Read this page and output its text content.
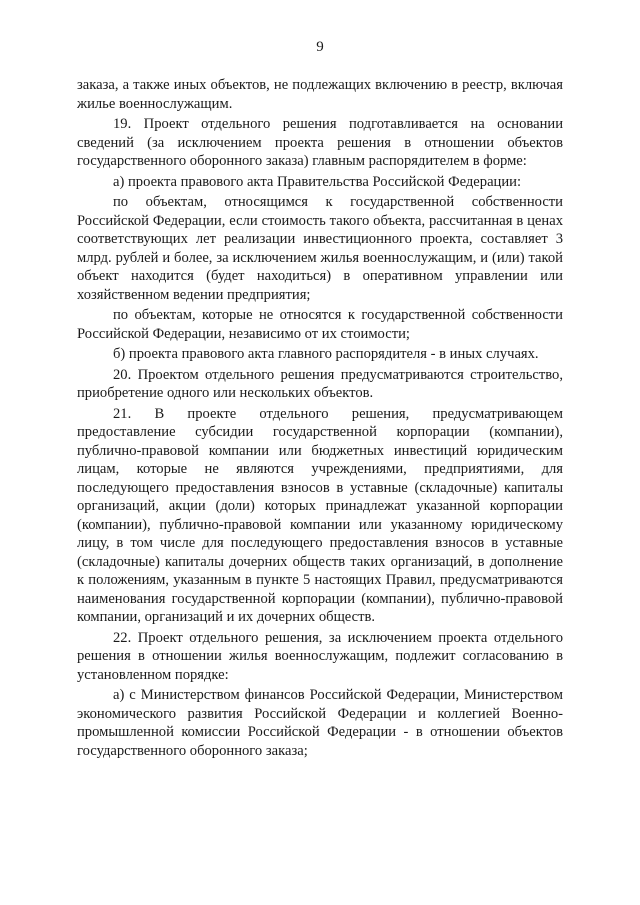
9

заказа, а также иных объектов, не подлежащих включению в реестр, включая жилье военнослужащим.

19. Проект отдельного решения подготавливается на основании сведений (за исключением проекта решения в отношении объектов государственного оборонного заказа) главным распорядителем в форме:

а) проекта правового акта Правительства Российской Федерации:

по объектам, относящимся к государственной собственности Российской Федерации, если стоимость такого объекта, рассчитанная в ценах соответствующих лет реализации инвестиционного проекта, составляет 3 млрд. рублей и более, за исключением жилья военнослужащим, и (или) такой объект находится (будет находиться) в оперативном управлении или хозяйственном ведении предприятия;

по объектам, которые не относятся к государственной собственности Российской Федерации, независимо от их стоимости;

б) проекта правового акта главного распорядителя - в иных случаях.

20. Проектом отдельного решения предусматриваются строительство, приобретение одного или нескольких объектов.

21. В проекте отдельного решения, предусматривающем предоставление субсидии государственной корпорации (компании), публично-правовой компании или бюджетных инвестиций юридическим лицам, которые не являются учреждениями, предприятиями, для последующего предоставления взносов в уставные (складочные) капиталы организаций, акции (доли) которых принадлежат указанной корпорации (компании), публично-правовой компании или указанному юридическому лицу, в том числе для последующего предоставления взносов в уставные (складочные) капиталы дочерних обществ таких организаций, в дополнение к положениям, указанным в пункте 5 настоящих Правил, предусматриваются наименования государственной корпорации (компании), публично-правовой компании, организаций и их дочерних обществ.

22. Проект отдельного решения, за исключением проекта отдельного решения в отношении жилья военнослужащим, подлежит согласованию в установленном порядке:

а) с Министерством финансов Российской Федерации, Министерством экономического развития Российской Федерации и коллегией Военно-промышленной комиссии Российской Федерации - в отношении объектов государственного оборонного заказа;
